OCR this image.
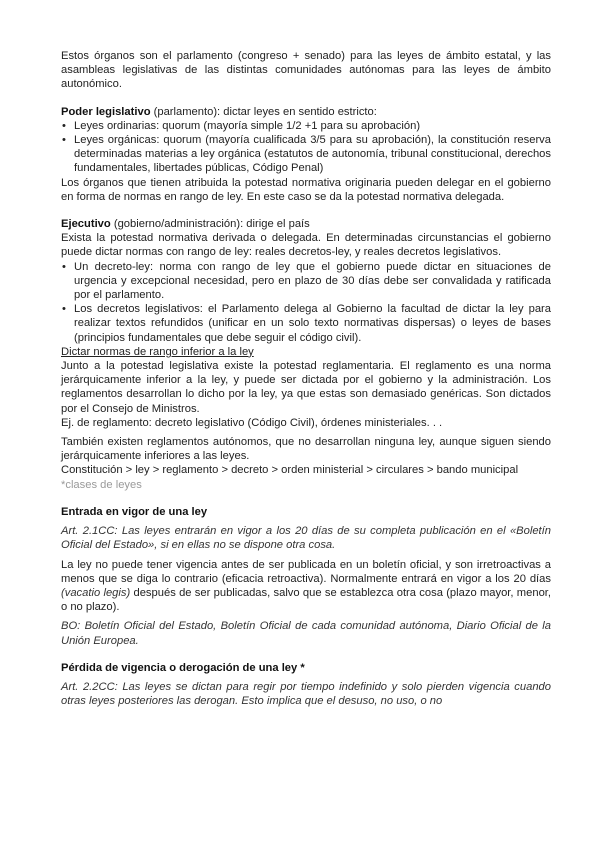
Estos órganos son el parlamento (congreso + senado) para las leyes de ámbito estatal, y las asambleas legislativas de las distintas comunidades autónomas para las leyes de ámbito autonómico.

Poder legislativo (parlamento): dictar leyes en sentido estricto:

• Leyes ordinarias: quorum (mayoría simple 1/2 +1 para su aprobación)
• Leyes orgánicas: quorum (mayoría cualificada 3/5 para su aprobación), la constitución reserva determinadas materias a ley orgánica (estatutos de autonomía, tribunal constitucional, derechos fundamentales, libertades públicas, Código Penal)

Los órganos que tienen atribuida la potestad normativa originaria pueden delegar en el gobierno en forma de normas en rango de ley. En este caso se da la potestad normativa delegada.

Ejecutivo (gobierno/administración): dirige el país

Exista la potestad normativa derivada o delegada. En determinadas circunstancias el gobierno puede dictar normas con rango de ley: reales decretos-ley, y reales decretos legislativos.

• Un decreto-ley: norma con rango de ley que el gobierno puede dictar en situaciones de urgencia y excepcional necesidad, pero en plazo de 30 días debe ser convalidada y ratificada por el parlamento.
• Los decretos legislativos: el Parlamento delega al Gobierno la facultad de dictar la ley para realizar textos refundidos (unificar en un solo texto normativas dispersas) o leyes de bases (principios fundamentales que debe seguir el código civil).

Dictar normas de rango inferior a la ley

Junto a la potestad legislativa existe la potestad reglamentaria. El reglamento es una norma jerárquicamente inferior a la ley, y puede ser dictada por el gobierno y la administración. Los reglamentos desarrollan lo dicho por la ley, ya que estas son demasiado genéricas. Son dictados por el Consejo de Ministros.

Ej. de reglamento: decreto legislativo (Código Civil), órdenes ministeriales. . .

También existen reglamentos autónomos, que no desarrollan ninguna ley, aunque siguen siendo jerárquicamente inferiores a las leyes.

Constitución > ley > reglamento > decreto > orden ministerial > circulares > bando municipal

*clases de leyes

Entrada en vigor de una ley

Art. 2.1CC: Las leyes entrarán en vigor a los 20 días de su completa publicación en el «Boletín Oficial del Estado», si en ellas no se dispone otra cosa.

La ley no puede tener vigencia antes de ser publicada en un boletín oficial, y son irretroactivas a menos que se diga lo contrario (eficacia retroactiva). Normalmente entrará en vigor a los 20 días (vacatio legis) después de ser publicadas, salvo que se establezca otra cosa (plazo mayor, menor, o no plazo).

BO: Boletín Oficial del Estado, Boletín Oficial de cada comunidad autónoma, Diario Oficial de la Unión Europea.

Pérdida de vigencia o derogación de una ley *

Art. 2.2CC: Las leyes se dictan para regir por tiempo indefinido y solo pierden vigencia cuando otras leyes posteriores las derogan. Esto implica que el desuso, no uso, o no
